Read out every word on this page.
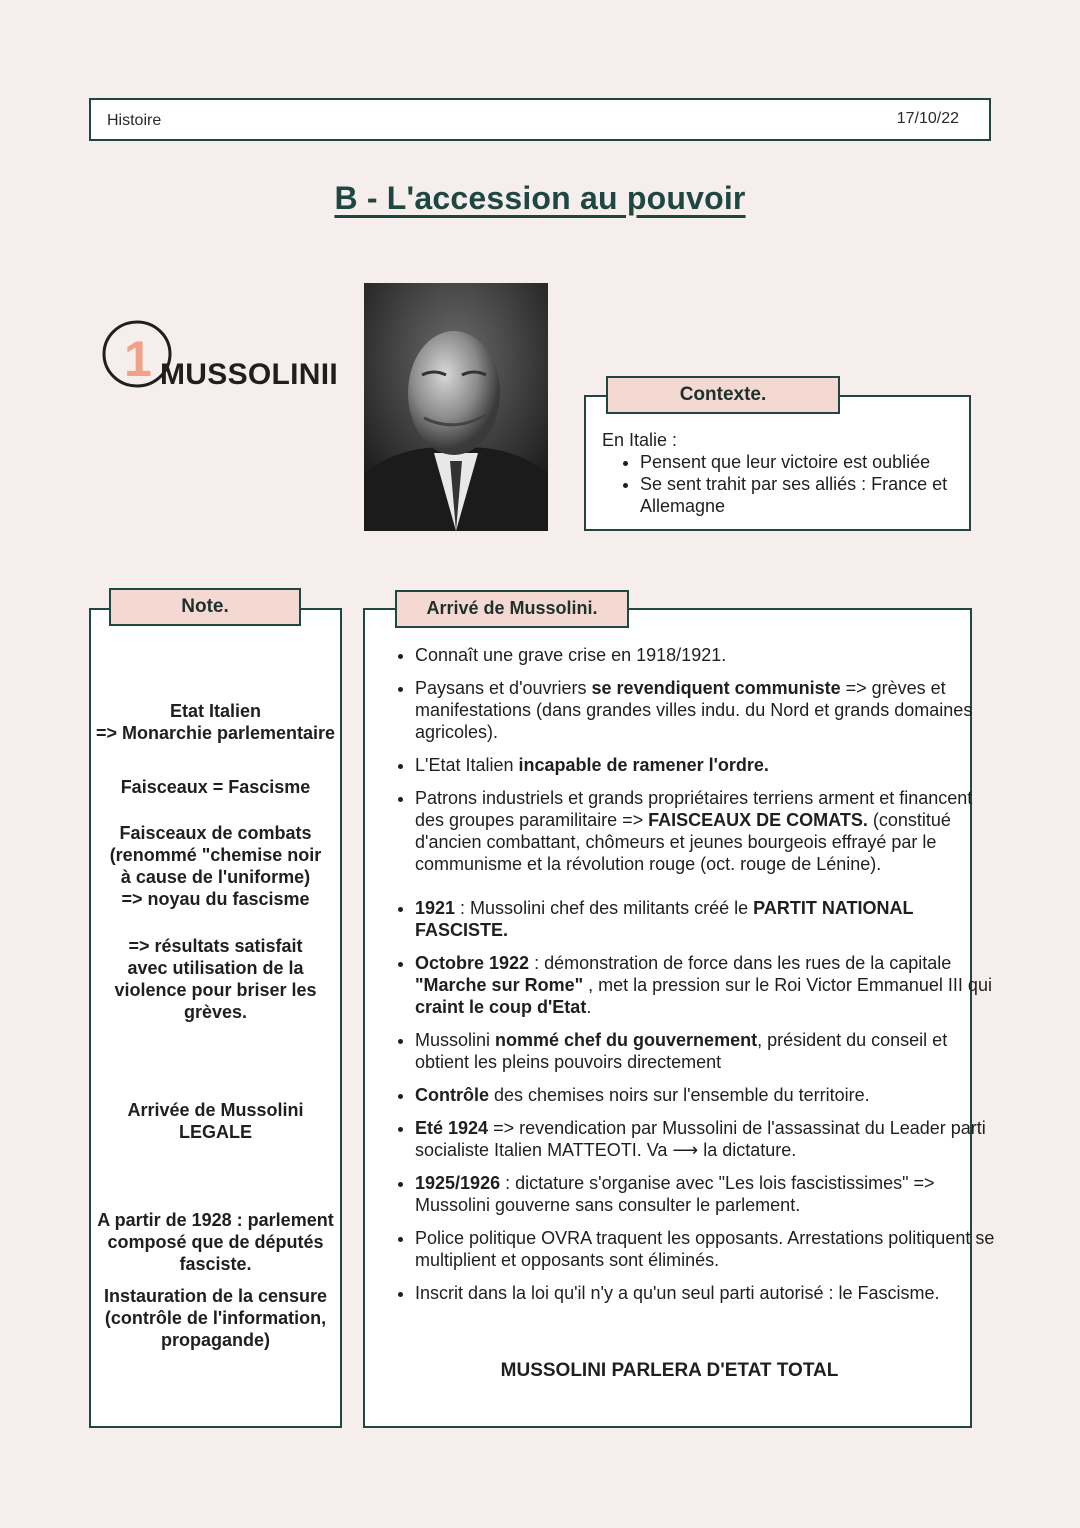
Histoire	17/10/22
B - L'accession au pouvoir
1 MUSSOLINII
Contexte.
En Italie :
• Pensent que leur victoire est oubliée
• Se sent trahit par ses alliés : France et Allemagne
Note.
Etat Italien
=> Monarchie parlementaire
Faisceaux = Fascisme
Faisceaux de combats (renommé "chemise noir à cause de l'uniforme)
=> noyau du fascisme
=> résultats satisfait avec utilisation de la violence pour briser les grèves.
Arrivée de Mussolini
LEGALE
A partir de 1928 : parlement composé que de députés fasciste.
Instauration de la censure (contrôle de l'information, propagande)
Arrivé de Mussolini.
• Connaît une grave crise en 1918/1921.
• Paysans et d'ouvriers se revendiquent communiste => grèves et manifestations (dans grandes villes indu. du Nord et grands domaines agricoles).
• L'Etat Italien incapable de ramener l'ordre.
• Patrons industriels et grands propriétaires terriens arment et financent des groupes paramilitaire => FAISCEAUX DE COMATS. (constitué d'ancien combattant, chômeurs et jeunes bourgeois effrayé par le communisme et la révolution rouge (oct. rouge de Lénine).
• 1921 : Mussolini chef des militants créé le PARTIT NATIONAL FASCISTE.
• Octobre 1922 : démonstration de force dans les rues de la capitale "Marche sur Rome" , met la pression sur le Roi Victor Emmanuel III qui craint le coup d'Etat.
• Mussolini nommé chef du gouvernement, président du conseil et obtient les pleins pouvoirs directement
• Contrôle des chemises noirs sur l'ensemble du territoire.
• Eté 1924 => revendication par Mussolini de l'assassinat du Leader parti socialiste Italien MATTEOTI. Va ⟶ la dictature.
• 1925/1926 : dictature s'organise avec "Les lois fascistissimes" => Mussolini gouverne sans consulter le parlement.
• Police politique OVRA traquent les opposants. Arrestations politiquent se multiplient et opposants sont éliminés.
• Inscrit dans la loi qu'il n'y a qu'un seul parti autorisé : le Fascisme.
MUSSOLINI PARLERA D'ETAT TOTAL
